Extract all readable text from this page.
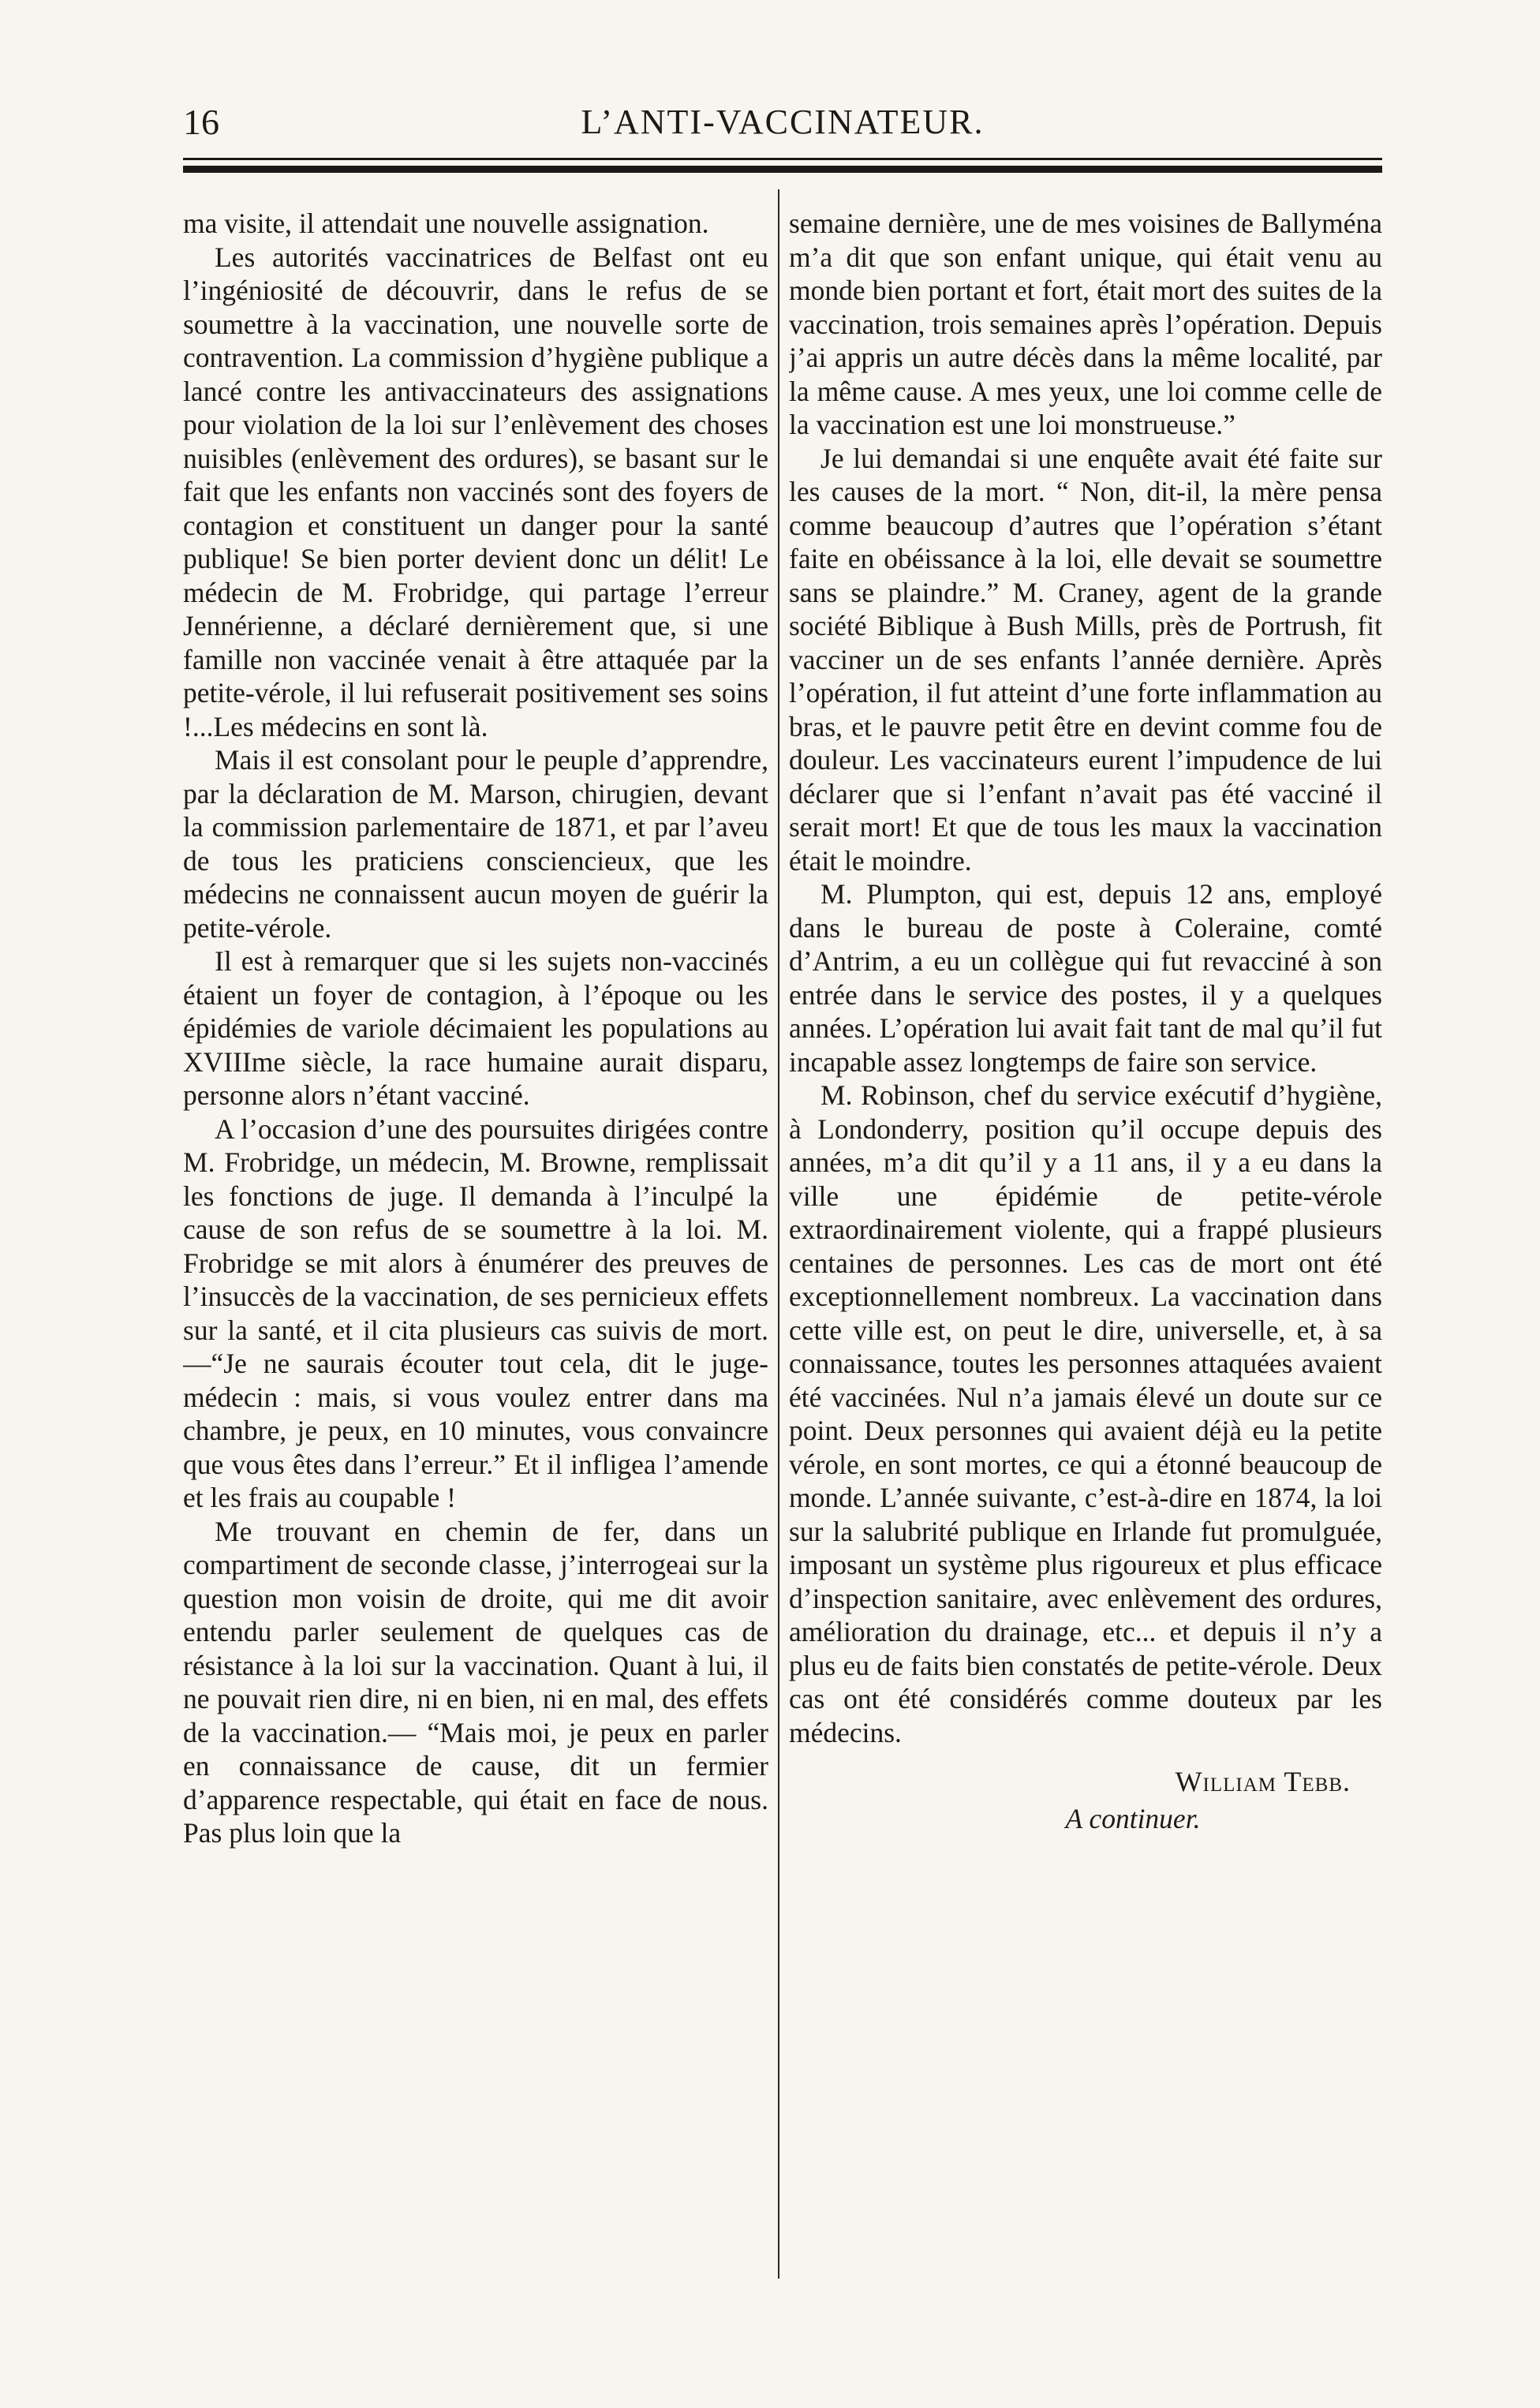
16	L’ANTI-VACCINATEUR.

ma visite, il attendait une nouvelle assignation.

Les autorités vaccinatrices de Belfast ont eu l’ingéniosité de découvrir, dans le refus de se soumettre à la vaccination, une nouvelle sorte de contravention. La commission d’hygiène publique a lancé contre les antivaccinateurs des assignations pour violation de la loi sur l’enlèvement des choses nuisibles (enlèvement des ordures), se basant sur le fait que les enfants non vaccinés sont des foyers de contagion et constituent un danger pour la santé publique! Se bien porter devient donc un délit! Le médecin de M. Frobridge, qui partage l’erreur Jennérienne, a déclaré dernièrement que, si une famille non vaccinée venait à être attaquée par la petite-vérole, il lui refuserait positivement ses soins !...Les médecins en sont là.

Mais il est consolant pour le peuple d’apprendre, par la déclaration de M. Marson, chirugien, devant la commission parlementaire de 1871, et par l’aveu de tous les praticiens consciencieux, que les médecins ne connaissent aucun moyen de guérir la petite-vérole.

Il est à remarquer que si les sujets non-vaccinés étaient un foyer de contagion, à l’époque ou les épidémies de variole décimaient les populations au XVIIIme siècle, la race humaine aurait disparu, personne alors n’étant vacciné.

A l’occasion d’une des poursuites dirigées contre M. Frobridge, un médecin, M. Browne, remplissait les fonctions de juge. Il demanda à l’inculpé la cause de son refus de se soumettre à la loi. M. Frobridge se mit alors à énumérer des preuves de l’insuccès de la vaccination, de ses pernicieux effets sur la santé, et il cita plusieurs cas suivis de mort.—“Je ne saurais écouter tout cela, dit le juge-médecin : mais, si vous voulez entrer dans ma chambre, je peux, en 10 minutes, vous convaincre que vous êtes dans l’erreur.” Et il infligea l’amende et les frais au coupable !

Me trouvant en chemin de fer, dans un compartiment de seconde classe, j’interrogeai sur la question mon voisin de droite, qui me dit avoir entendu parler seulement de quelques cas de résistance à la loi sur la vaccination. Quant à lui, il ne pouvait rien dire, ni en bien, ni en mal, des effets de la vaccination.— “Mais moi, je peux en parler en connaissance de cause, dit un fermier d’apparence respectable, qui était en face de nous. Pas plus loin que la

semaine dernière, une de mes voisines de Ballyména m’a dit que son enfant unique, qui était venu au monde bien portant et fort, était mort des suites de la vaccination, trois semaines après l’opération. Depuis j’ai appris un autre décès dans la même localité, par la même cause. A mes yeux, une loi comme celle de la vaccination est une loi monstrueuse.”

Je lui demandai si une enquête avait été faite sur les causes de la mort. “ Non, dit-il, la mère pensa comme beaucoup d’autres que l’opération s’étant faite en obéissance à la loi, elle devait se soumettre sans se plaindre.” M. Craney, agent de la grande société Biblique à Bush Mills, près de Portrush, fit vacciner un de ses enfants l’année dernière. Après l’opération, il fut atteint d’une forte inflammation au bras, et le pauvre petit être en devint comme fou de douleur. Les vaccinateurs eurent l’impudence de lui déclarer que si l’enfant n’avait pas été vacciné il serait mort! Et que de tous les maux la vaccination était le moindre.

M. Plumpton, qui est, depuis 12 ans, employé dans le bureau de poste à Coleraine, comté d’Antrim, a eu un collègue qui fut revacciné à son entrée dans le service des postes, il y a quelques années. L’opération lui avait fait tant de mal qu’il fut incapable assez longtemps de faire son service.

M. Robinson, chef du service exécutif d’hygiène, à Londonderry, position qu’il occupe depuis des années, m’a dit qu’il y a 11 ans, il y a eu dans la ville une épidémie de petite-vérole extraordinairement violente, qui a frappé plusieurs centaines de personnes. Les cas de mort ont été exceptionnellement nombreux. La vaccination dans cette ville est, on peut le dire, universelle, et, à sa connaissance, toutes les personnes attaquées avaient été vaccinées. Nul n’a jamais élevé un doute sur ce point. Deux personnes qui avaient déjà eu la petite vérole, en sont mortes, ce qui a étonné beaucoup de monde. L’année suivante, c’est-à-dire en 1874, la loi sur la salubrité publique en Irlande fut promulguée, imposant un système plus rigoureux et plus efficace d’inspection sanitaire, avec enlèvement des ordures, amélioration du drainage, etc... et depuis il n’y a plus eu de faits bien constatés de petite-vérole. Deux cas ont été considérés comme douteux par les médecins.

William Tebb.
A continuer.
